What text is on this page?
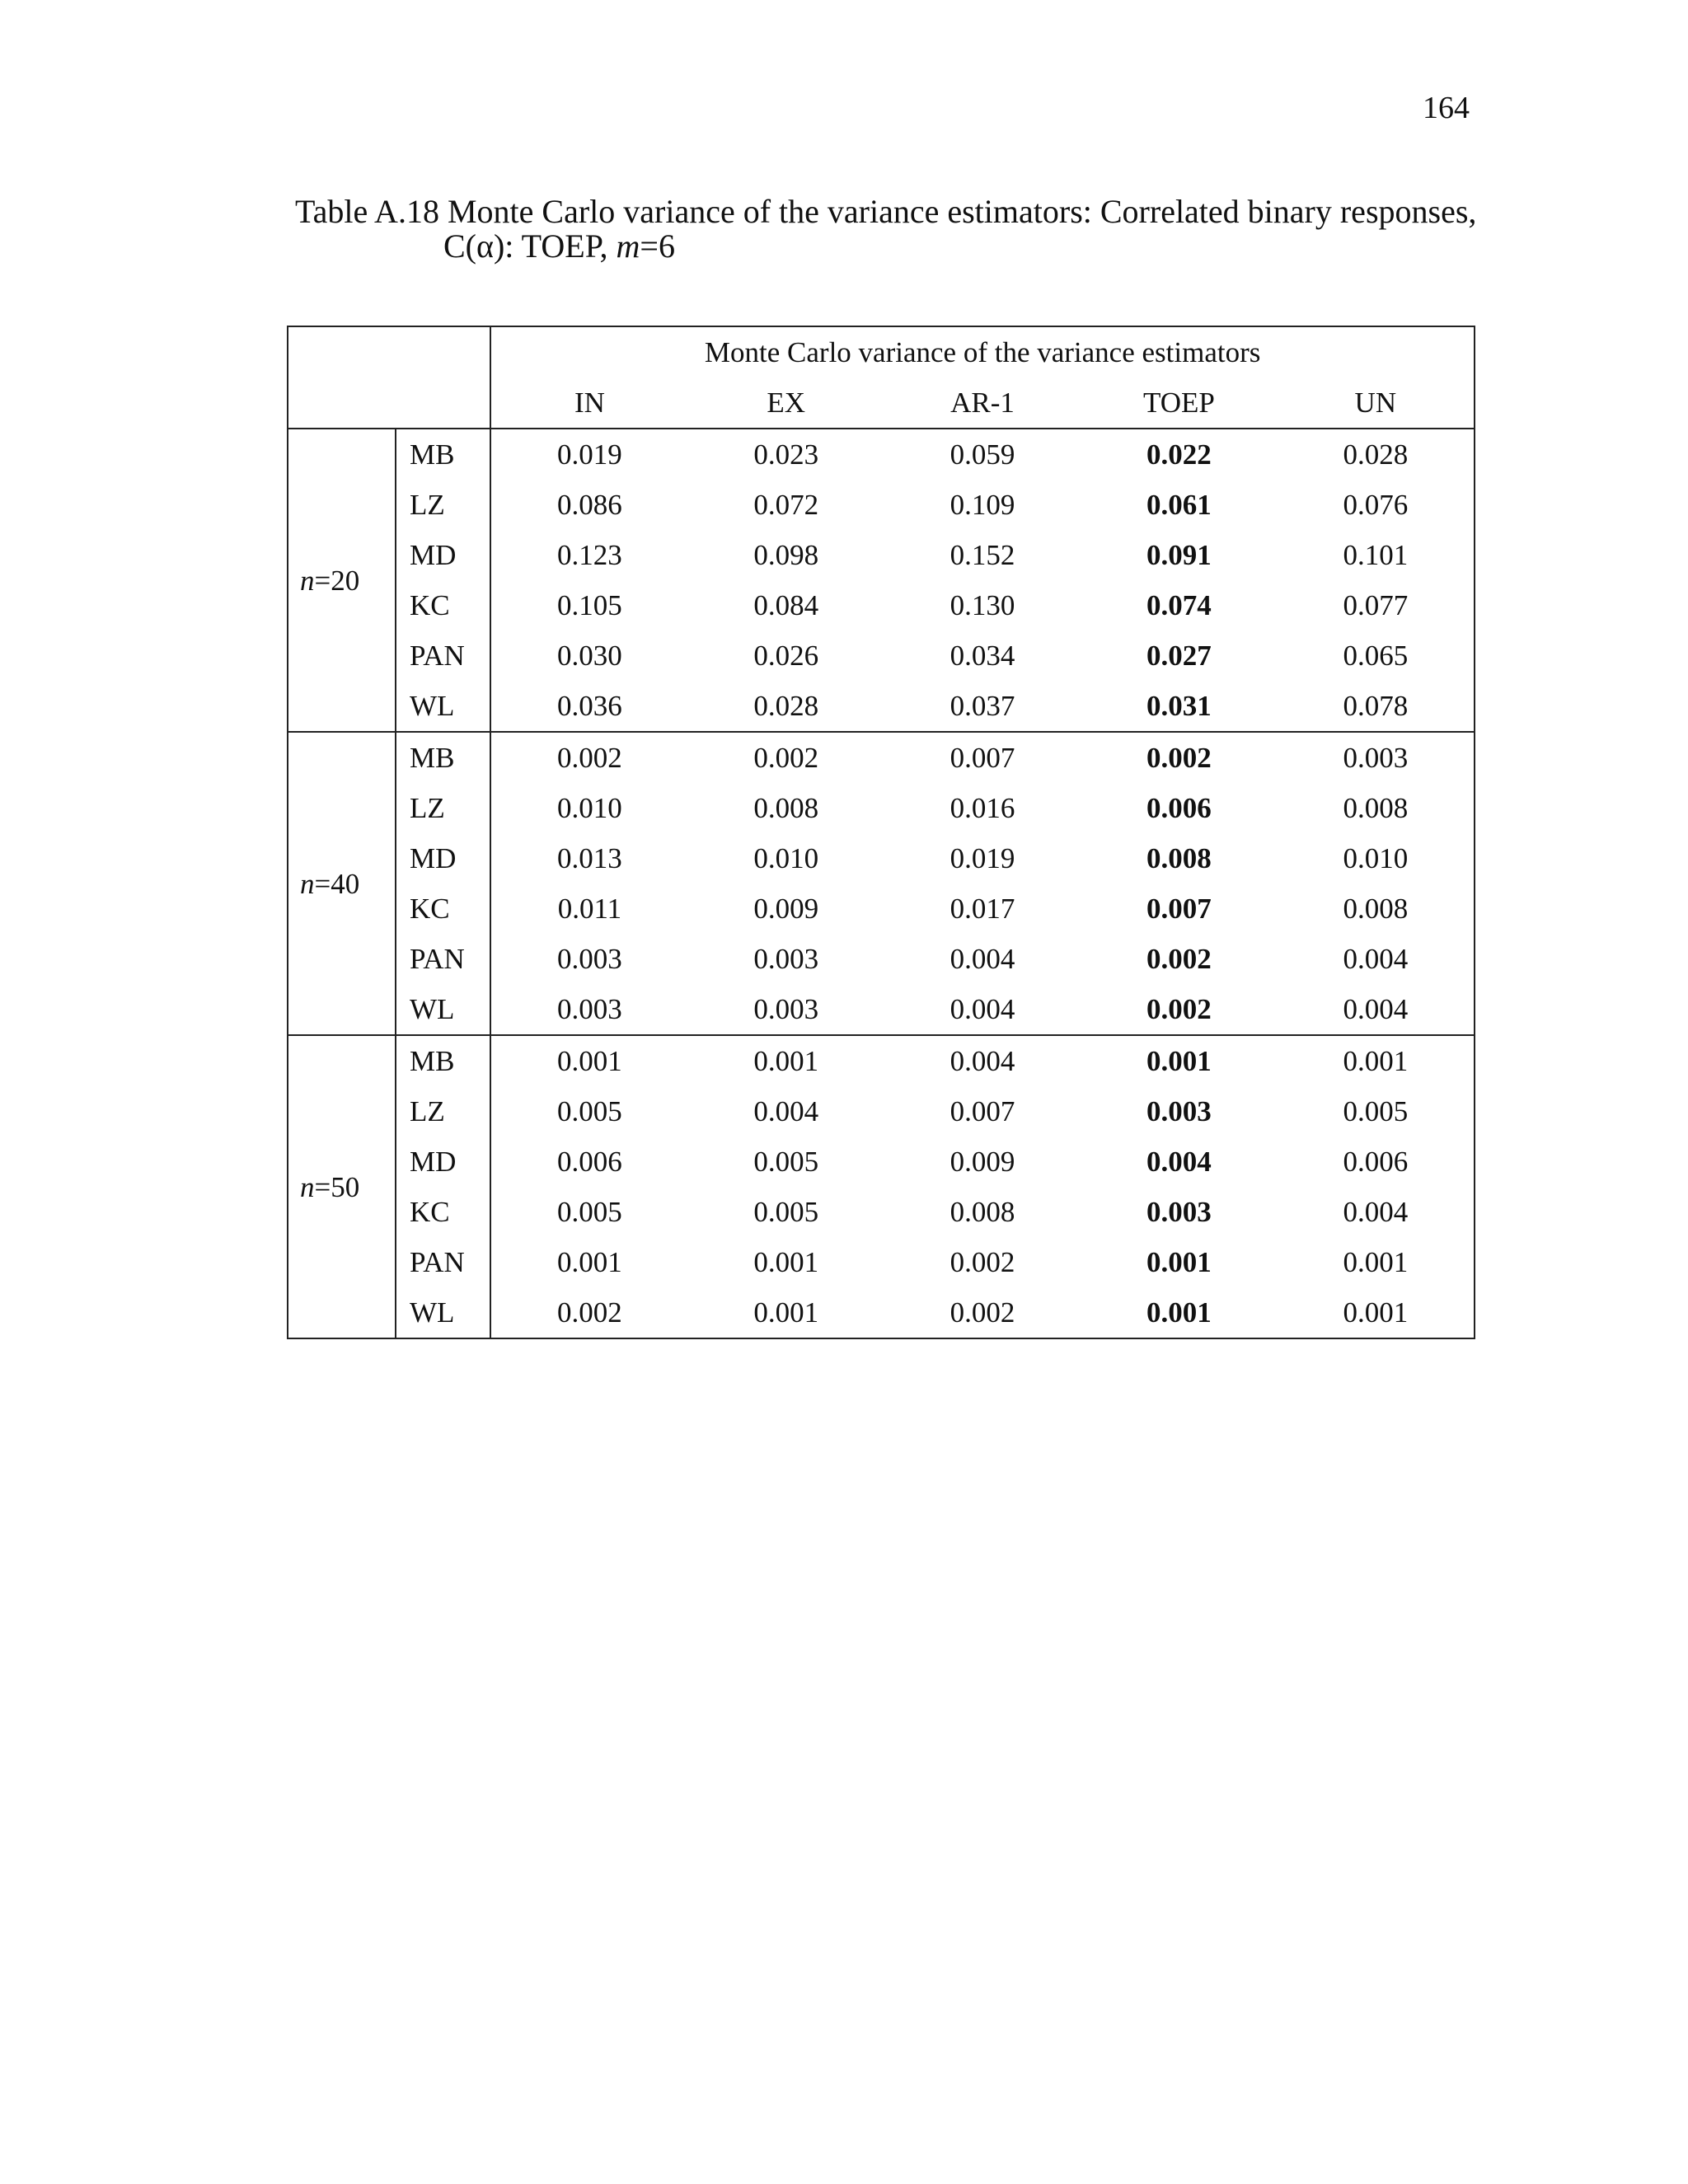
164
Table A.18 Monte Carlo variance of the variance estimators: Correlated binary responses,
C(α): TOEP, m=6
		Monte Carlo variance of the variance estimators				
		IN	EX	AR-1	TOEP	UN
n=20	MB	0.019	0.023	0.059	0.022	0.028
	LZ	0.086	0.072	0.109	0.061	0.076
	MD	0.123	0.098	0.152	0.091	0.101
	KC	0.105	0.084	0.130	0.074	0.077
	PAN	0.030	0.026	0.034	0.027	0.065
	WL	0.036	0.028	0.037	0.031	0.078
n=40	MB	0.002	0.002	0.007	0.002	0.003
	LZ	0.010	0.008	0.016	0.006	0.008
	MD	0.013	0.010	0.019	0.008	0.010
	KC	0.011	0.009	0.017	0.007	0.008
	PAN	0.003	0.003	0.004	0.002	0.004
	WL	0.003	0.003	0.004	0.002	0.004
n=50	MB	0.001	0.001	0.004	0.001	0.001
	LZ	0.005	0.004	0.007	0.003	0.005
	MD	0.006	0.005	0.009	0.004	0.006
	KC	0.005	0.005	0.008	0.003	0.004
	PAN	0.001	0.001	0.002	0.001	0.001
	WL	0.002	0.001	0.002	0.001	0.001
